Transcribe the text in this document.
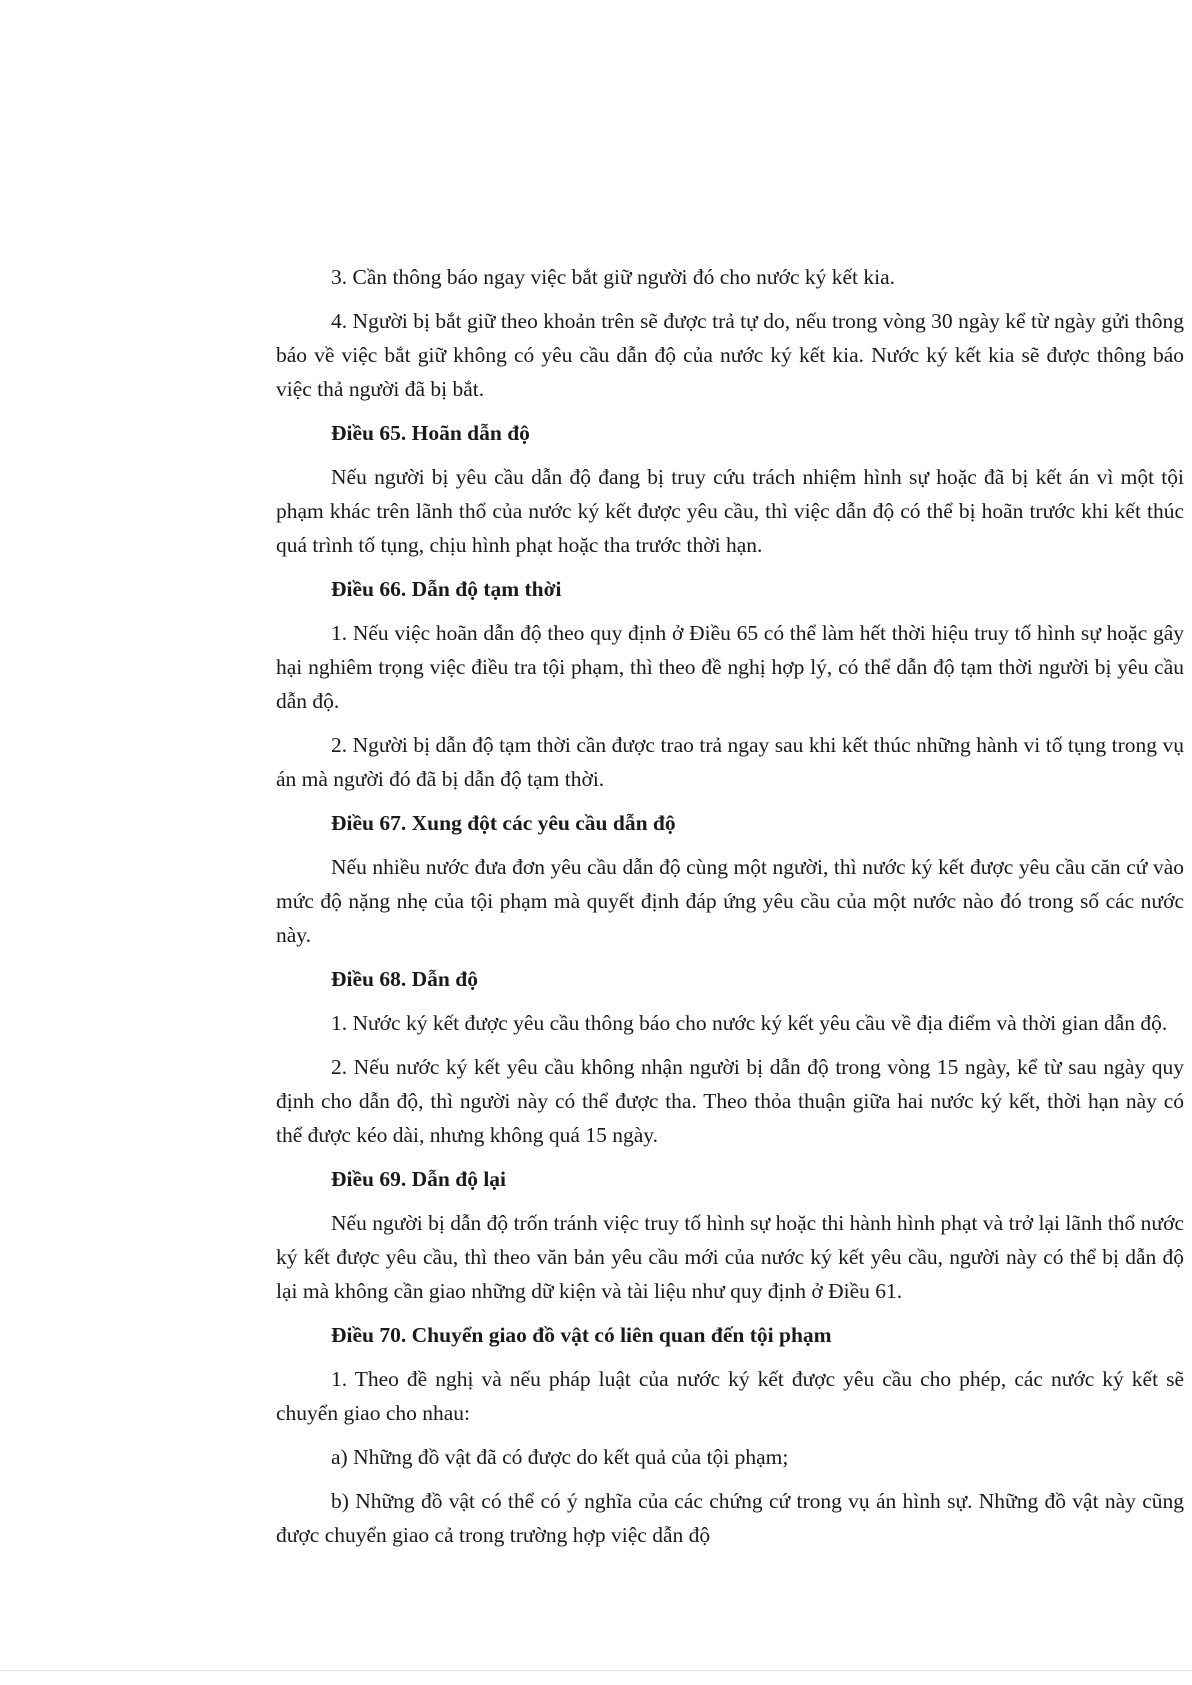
3. Cần thông báo ngay việc bắt giữ người đó cho nước ký kết kia.

4. Người bị bắt giữ theo khoản trên sẽ được trả tự do, nếu trong vòng 30 ngày kể từ ngày gửi thông báo về việc bắt giữ không có yêu cầu dẫn độ của nước ký kết kia. Nước ký kết kia sẽ được thông báo việc thả người đã bị bắt.

Điều 65. Hoãn dẫn độ

Nếu người bị yêu cầu dẫn độ đang bị truy cứu trách nhiệm hình sự hoặc đã bị kết án vì một tội phạm khác trên lãnh thổ của nước ký kết được yêu cầu, thì việc dẫn độ có thể bị hoãn trước khi kết thúc quá trình tố tụng, chịu hình phạt hoặc tha trước thời hạn.

Điều 66. Dẫn độ tạm thời

1. Nếu việc hoãn dẫn độ theo quy định ở Điều 65 có thể làm hết thời hiệu truy tố hình sự hoặc gây hại nghiêm trọng việc điều tra tội phạm, thì theo đề nghị hợp lý, có thể dẫn độ tạm thời người bị yêu cầu dẫn độ.

2. Người bị dẫn độ tạm thời cần được trao trả ngay sau khi kết thúc những hành vi tố tụng trong vụ án mà người đó đã bị dẫn độ tạm thời.

Điều 67. Xung đột các yêu cầu dẫn độ

Nếu nhiều nước đưa đơn yêu cầu dẫn độ cùng một người, thì nước ký kết được yêu cầu căn cứ vào mức độ nặng nhẹ của tội phạm mà quyết định đáp ứng yêu cầu của một nước nào đó trong số các nước này.

Điều 68. Dẫn độ

1. Nước ký kết được yêu cầu thông báo cho nước ký kết yêu cầu về địa điểm và thời gian dẫn độ.

2. Nếu nước ký kết yêu cầu không nhận người bị dẫn độ trong vòng 15 ngày, kể từ sau ngày quy định cho dẫn độ, thì người này có thể được tha. Theo thỏa thuận giữa hai nước ký kết, thời hạn này có thể được kéo dài, nhưng không quá 15 ngày.

Điều 69. Dẫn độ lại

Nếu người bị dẫn độ trốn tránh việc truy tố hình sự hoặc thi hành hình phạt và trở lại lãnh thổ nước ký kết được yêu cầu, thì theo văn bản yêu cầu mới của nước ký kết yêu cầu, người này có thể bị dẫn độ lại mà không cần giao những dữ kiện và tài liệu như quy định ở Điều 61.

Điều 70. Chuyển giao đồ vật có liên quan đến tội phạm

1. Theo đề nghị và nếu pháp luật của nước ký kết được yêu cầu cho phép, các nước ký kết sẽ chuyển giao cho nhau:

a) Những đồ vật đã có được do kết quả của tội phạm;

b) Những đồ vật có thể có ý nghĩa của các chứng cứ trong vụ án hình sự. Những đồ vật này cũng được chuyển giao cả trong trường hợp việc dẫn độ
